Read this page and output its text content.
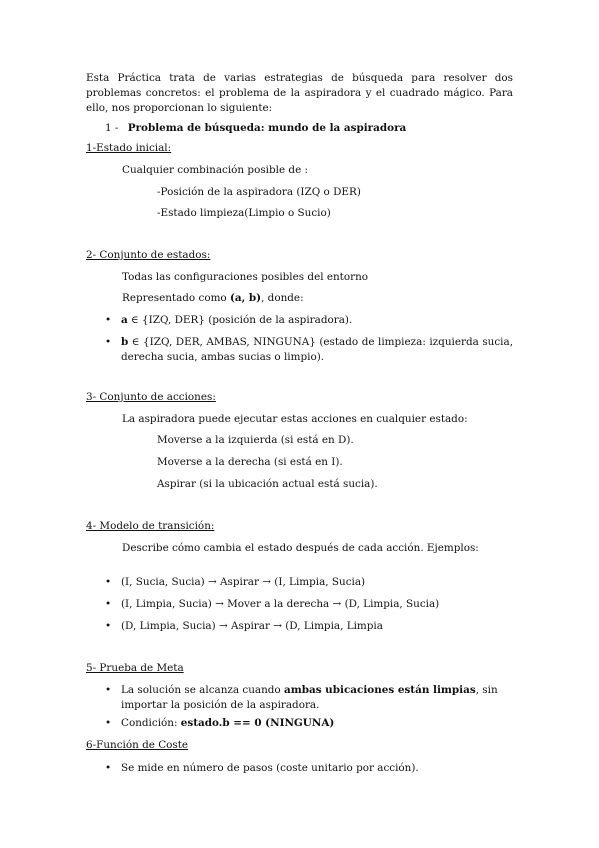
Esta Práctica trata de varias estrategias de búsqueda para resolver dos problemas concretos: el problema de la aspiradora y el cuadrado mágico. Para ello, nos proporcionan lo siguiente:

1 - Problema de búsqueda: mundo de la aspiradora
1-Estado inicial:
Cualquier combinación posible de :
-Posición de la aspiradora (IZQ o DER)
-Estado limpieza(Limpio o Sucio)
2- Conjunto de estados:
Todas las configuraciones posibles del entorno
Representado como (a, b), donde:
• a ∈ {IZQ, DER} (posición de la aspiradora).
• b ∈ {IZQ, DER, AMBAS, NINGUNA} (estado de limpieza: izquierda sucia, derecha sucia, ambas sucias o limpio).
3- Conjunto de acciones:
La aspiradora puede ejecutar estas acciones en cualquier estado:
Moverse a la izquierda (si está en D).
Moverse a la derecha (si está en I).
Aspirar (si la ubicación actual está sucia).
4- Modelo de transición:
Describe cómo cambia el estado después de cada acción. Ejemplos:
• (I, Sucia, Sucia) → Aspirar → (I, Limpia, Sucia)
• (I, Limpia, Sucia) → Mover a la derecha → (D, Limpia, Sucia)
• (D, Limpia, Sucia) → Aspirar → (D, Limpia, Limpia
5- Prueba de Meta
• La solución se alcanza cuando ambas ubicaciones están limpias, sin importar la posición de la aspiradora.
• Condición: estado.b == 0 (NINGUNA)
6-Función de Coste
• Se mide en número de pasos (coste unitario por acción).
